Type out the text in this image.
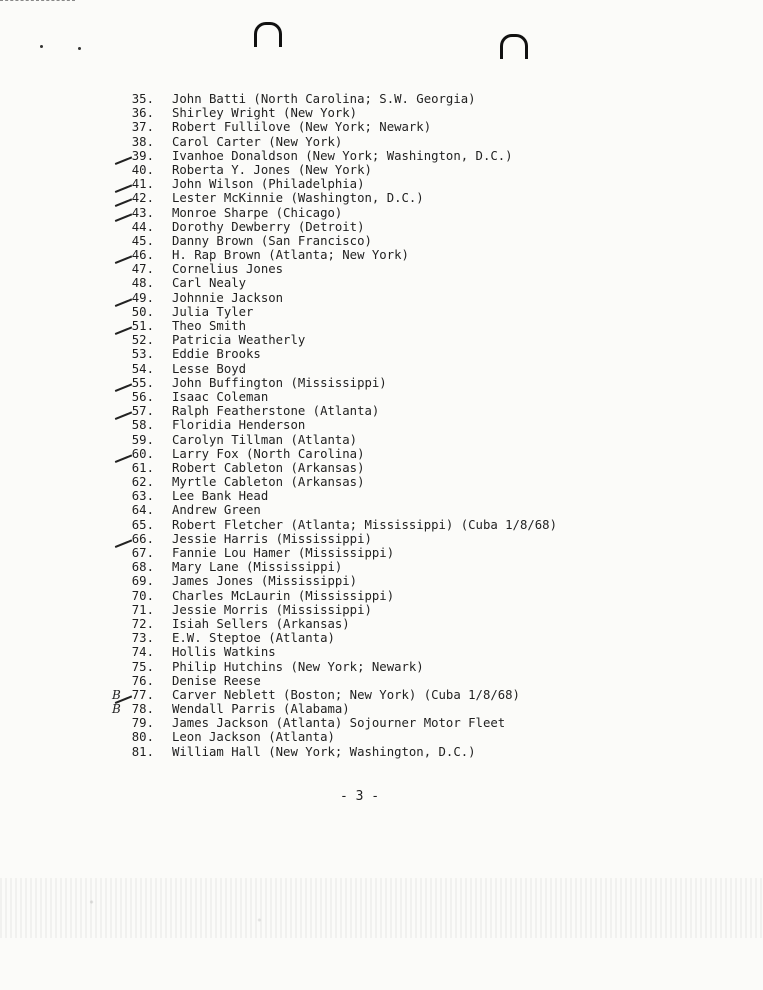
35. John Batti (North Carolina; S.W. Georgia)
36. Shirley Wright (New York)
37. Robert Fullilove (New York; Newark)
38. Carol Carter (New York)
39. Ivanhoe Donaldson (New York; Washington, D.C.)
40. Roberta Y. Jones (New York)
41. John Wilson (Philadelphia)
42. Lester McKinnie (Washington, D.C.)
43. Monroe Sharpe (Chicago)
44. Dorothy Dewberry (Detroit)
45. Danny Brown (San Francisco)
46. H. Rap Brown (Atlanta; New York)
47. Cornelius Jones
48. Carl Nealy
49. Johnnie Jackson
50. Julia Tyler
51. Theo Smith
52. Patricia Weatherly
53. Eddie Brooks
54. Lesse Boyd
55. John Buffington (Mississippi)
56. Isaac Coleman
57. Ralph Featherstone (Atlanta)
58. Floridia Henderson
59. Carolyn Tillman (Atlanta)
60. Larry Fox (North Carolina)
61. Robert Cableton (Arkansas)
62. Myrtle Cableton (Arkansas)
63. Lee Bank Head
64. Andrew Green
65. Robert Fletcher (Atlanta; Mississippi) (Cuba 1/8/68)
66. Jessie Harris (Mississippi)
67. Fannie Lou Hamer (Mississippi)
68. Mary Lane (Mississippi)
69. James Jones (Mississippi)
70. Charles McLaurin (Mississippi)
71. Jessie Morris (Mississippi)
72. Isiah Sellers (Arkansas)
73. E.W. Steptoe (Atlanta)
74. Hollis Watkins
75. Philip Hutchins (New York; Newark)
76. Denise Reese
B 77. Carver Neblett (Boston; New York) (Cuba 1/8/68)
B 78. Wendall Parris (Alabama)
79. James Jackson (Atlanta) Sojourner Motor Fleet
80. Leon Jackson (Atlanta)
81. William Hall (New York; Washington, D.C.)
- 3 -
